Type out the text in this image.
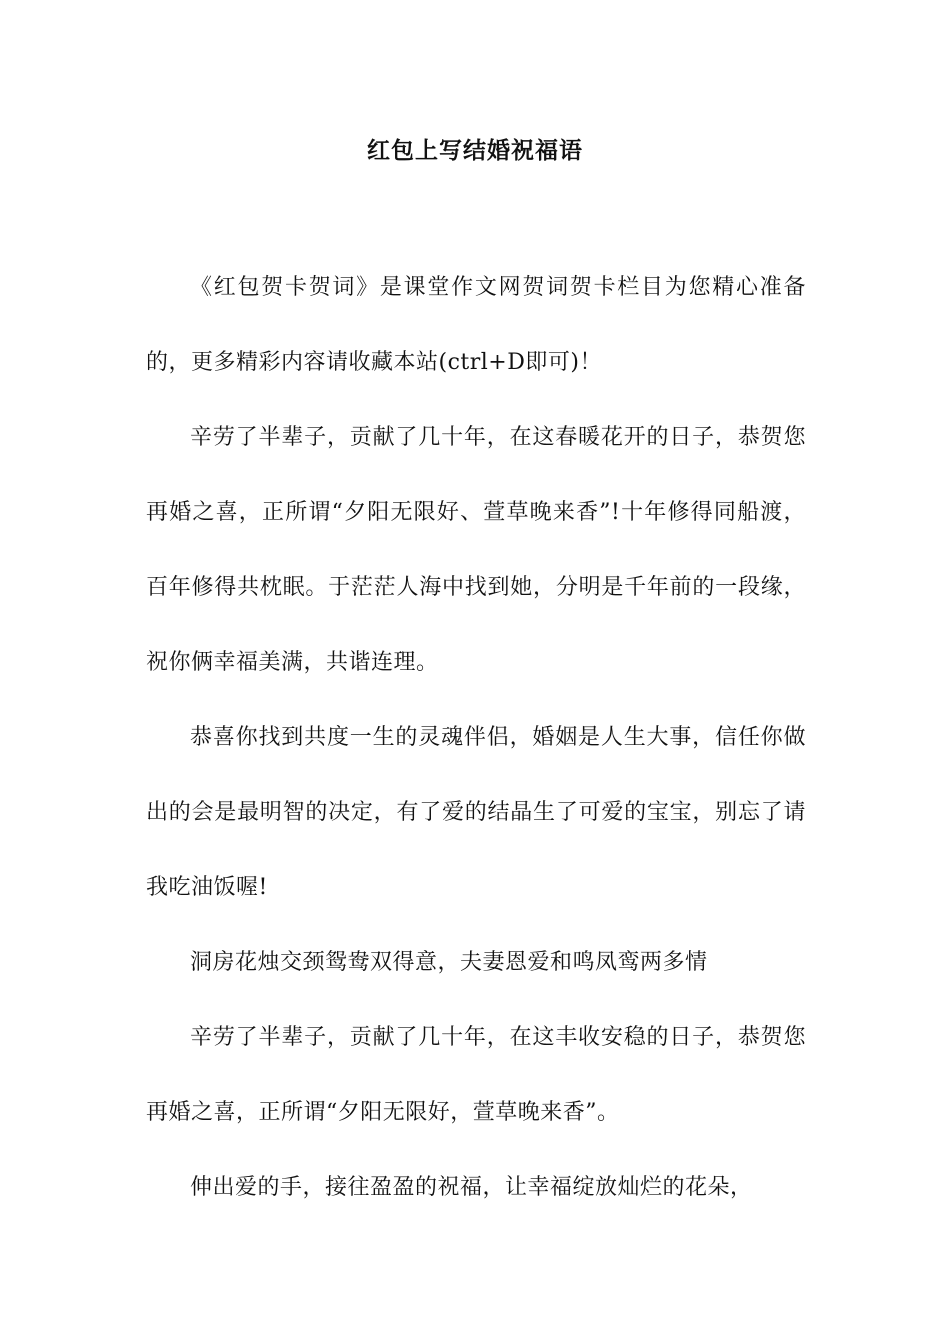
红包上写结婚祝福语

《红包贺卡贺词》是课堂作文网贺词贺卡栏目为您精心准备的，更多精彩内容请收藏本站(ctrl+D即可)！

辛劳了半辈子，贡献了几十年，在这春暖花开的日子，恭贺您再婚之喜，正所谓“夕阳无限好、萱草晚来香”!十年修得同船渡，百年修得共枕眠。于茫茫人海中找到她，分明是千年前的一段缘，祝你俩幸福美满，共谐连理。

恭喜你找到共度一生的灵魂伴侣，婚姻是人生大事，信任你做出的会是最明智的决定，有了爱的结晶生了可爱的宝宝，别忘了请我吃油饭喔!

洞房花烛交颈鸳鸯双得意，夫妻恩爱和鸣凤鸾两多情

辛劳了半辈子，贡献了几十年，在这丰收安稳的日子，恭贺您再婚之喜，正所谓“夕阳无限好，萱草晚来香”。

伸出爱的手，接往盈盈的祝福，让幸福绽放灿烂的花朵，
